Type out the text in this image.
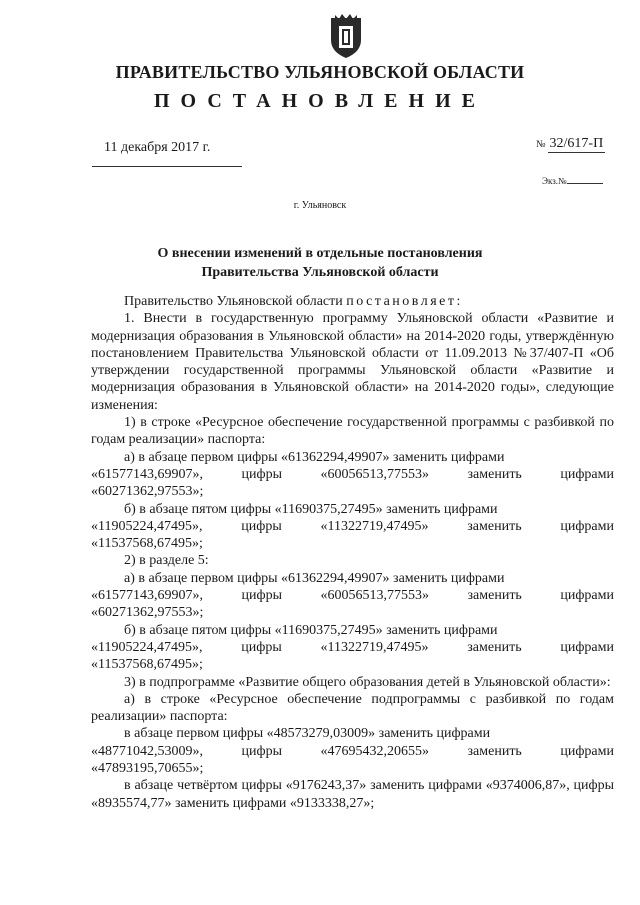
ПРАВИТЕЛЬСТВО УЛЬЯНОВСКОЙ ОБЛАСТИ
ПОСТАНОВЛЕНИЕ
11 декабря 2017 г.	№ 32/617-П
Экз.№
г. Ульяновск
О внесении изменений в отдельные постановления
Правительства Ульяновской области

Правительство Ульяновской области постановляет:

1. Внести в государственную программу Ульяновской области «Развитие и модернизация образования в Ульяновской области» на 2014-2020 годы, утверждённую постановлением Правительства Ульяновской области от 11.09.2013 №37/407-П «Об утверждении государственной программы Ульяновской области «Развитие и модернизация образования в Ульяновской области» на 2014-2020 годы», следующие изменения:

1) в строке «Ресурсное обеспечение государственной программы с разбивкой по годам реализации» паспорта:

а) в абзаце первом цифры «61362294,49907» заменить цифрами

«61577143,69907»,	цифры	«60056513,77553»	заменить	цифрами

«60271362,97553»;

б) в абзаце пятом цифры «11690375,27495» заменить цифрами

«11905224,47495»,	цифры	«11322719,47495»	заменить	цифрами

«11537568,67495»;

2) в разделе 5:

а) в абзаце первом цифры «61362294,49907» заменить цифрами

«61577143,69907»,	цифры	«60056513,77553»	заменить	цифрами

«60271362,97553»;

б) в абзаце пятом цифры «11690375,27495» заменить цифрами

«11905224,47495»,	цифры	«11322719,47495»	заменить	цифрами

«11537568,67495»;

3) в подпрограмме «Развитие общего образования детей в Ульяновской области»:

а) в строке «Ресурсное обеспечение подпрограммы с разбивкой по годам реализации» паспорта:

в абзаце первом цифры «48573279,03009» заменить цифрами

«48771042,53009»,	цифры	«47695432,20655»	заменить	цифрами

«47893195,70655»;

в абзаце четвёртом цифры «9176243,37» заменить цифрами «9374006,87», цифры «8935574,77» заменить цифрами «9133338,27»;
